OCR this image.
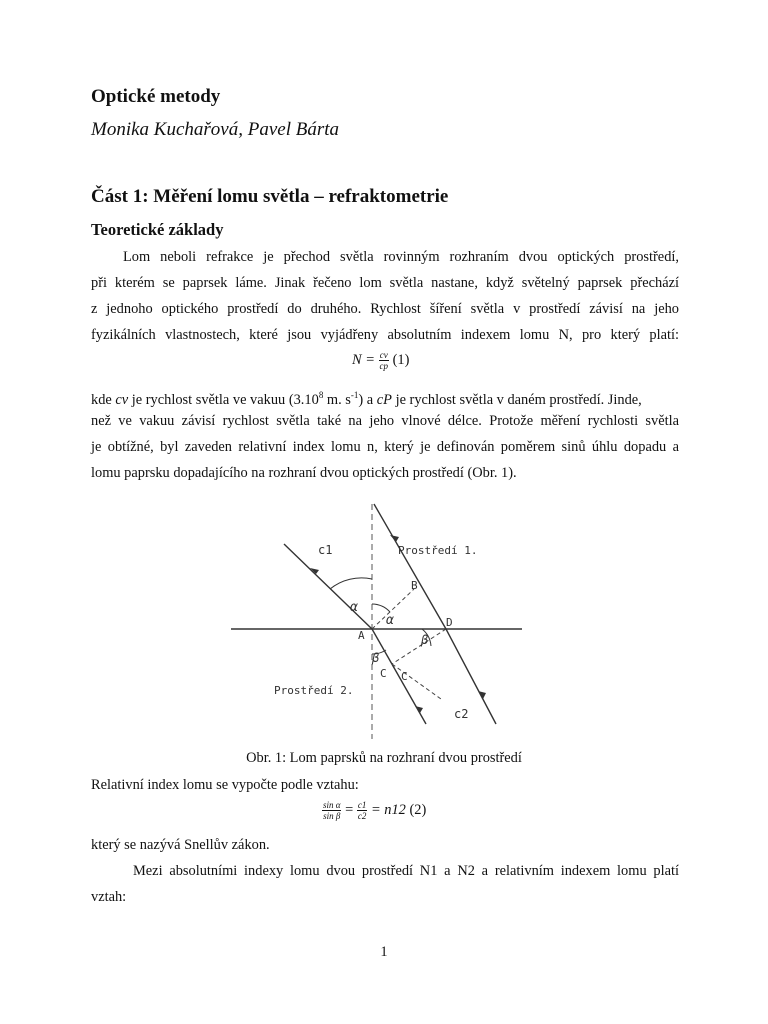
Optické metody
Monika Kuchařová, Pavel Bárta
Část 1: Měření lomu světla – refraktometrie
Teoretické základy
Lom neboli refrakce je přechod světla rovinným rozhraním dvou optických prostředí,
při kterém se paprsek láme. Jinak řečeno lom světla nastane, když světelný paprsek přechází
z jednoho optického prostředí do druhého. Rychlost šíření světla v prostředí závisí na jeho
fyzikálních vlastnostech, které jsou vyjádřeny absolutním indexem lomu N, pro který platí:
$N = \frac{cv}{cp} (1)$
kde cv je rychlost světla ve vakuu (3.10$^8$ m. $s^{-1}$) a cP je rychlost světla v daném prostředí. Jinde,
než ve vakuu závisí rychlost světla také na jeho vlnové délce. Protože měření rychlosti světla
je obtížné, byl zaveden relativní index lomu n, který je definován poměrem sinů úhlu dopadu a
lomu paprsku dopadajícího na rozhraní dvou optických prostředí (Obr. 1).
c1
c2
Prostředí 1.
Prostředí 2.
A
B
C C
D
α
α
β
β
Obr. 1: Lom paprsků na rozhraní dvou prostředí
Relativní index lomu se vypočte podle vztahu:
$\frac{\text{sin α}}{\text{sin β}} = \frac{c1}{c2} = n12$ (2)
který se nazývá Snellův zákon.
Mezi absolutními indexy lomu dvou prostředí N1 a N2 a relativním indexem lomu platí
vztah:
1
